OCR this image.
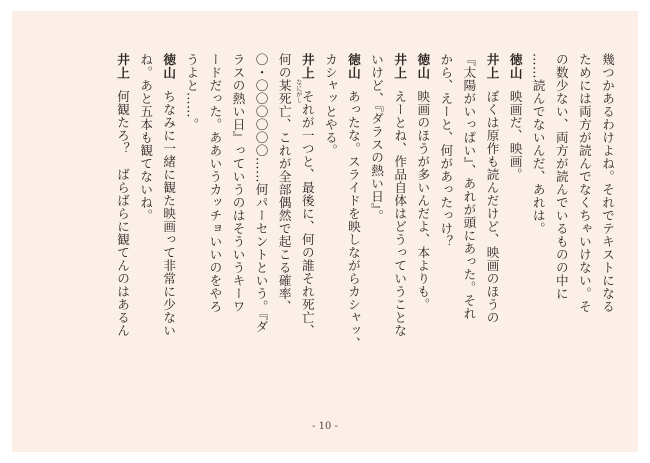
幾つかあるわけよね。それでテキストになる
ためには両方が読んでなくちゃいけない。そ
の数少ない、両方が読んでいるものの中に
……読んでないんだ、あれは。
徳山映画だ、映画。
井上ぼくは原作も読んだけど、映画のほうの
『太陽がいっぱい』、あれが頭にあった。それ
から、えーと、何があったっけ？
徳山映画のほうが多いんだよ、本よりも。
井上えーとね、作品自体はどうっていうことな
いけど、『ダラスの熱い日』。
徳山あったな。スライドを映しながらカシャッ、
カシャッとやる。
井上それが一つと、最後に、何の誰それ死亡、
何の某 なにがし
死亡、これが全部偶然で起こる確率、
〇・〇〇〇〇〇〇……何パーセントという。『ダ
ラスの熱い日』っていうのはそういうキーワ
ードだった。ああいうカッチョいいのをやろ
うよと……。
徳山ちなみに一緒に観た映画って非常に少ない
ね。あと五本も観てないね。
井上何観たろ？　ばらばらに観てんのはあるん
- 10 -
